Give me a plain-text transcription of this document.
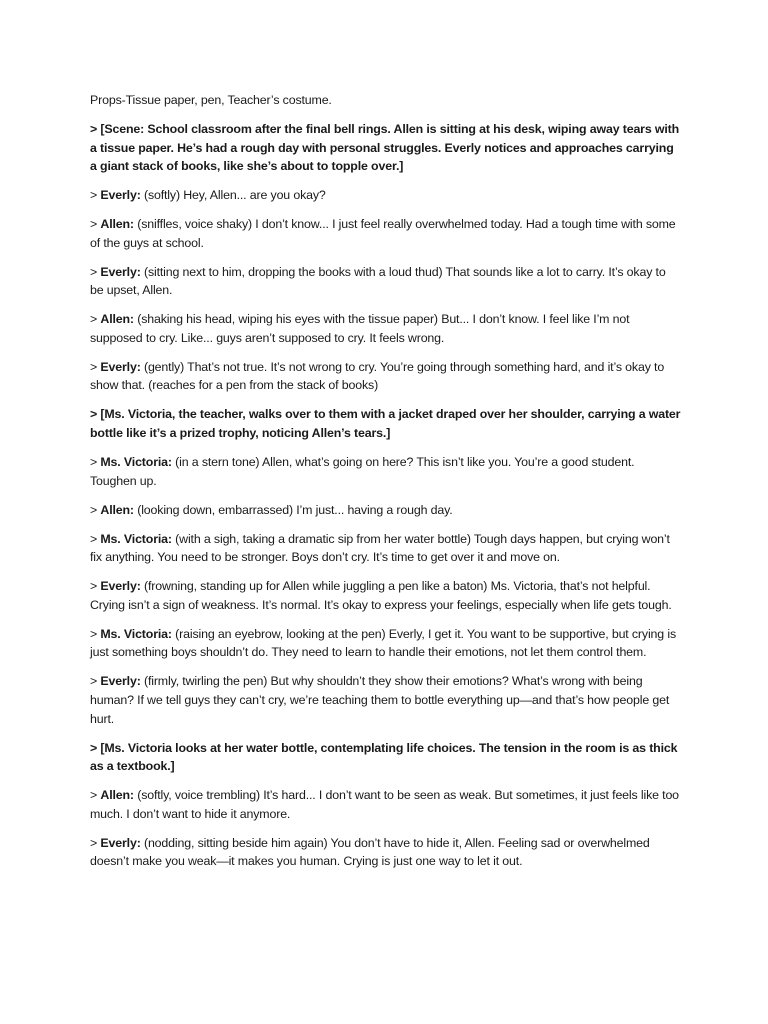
Props-Tissue paper, pen, Teacher’s costume.
> [Scene: School classroom after the final bell rings. Allen is sitting at his desk, wiping away tears with a tissue paper. He’s had a rough day with personal struggles. Everly notices and approaches carrying a giant stack of books, like she’s about to topple over.]
> Everly: (softly) Hey, Allen... are you okay?
> Allen: (sniffles, voice shaky) I don’t know... I just feel really overwhelmed today. Had a tough time with some of the guys at school.
> Everly: (sitting next to him, dropping the books with a loud thud) That sounds like a lot to carry. It’s okay to be upset, Allen.
> Allen: (shaking his head, wiping his eyes with the tissue paper) But... I don’t know. I feel like I’m not supposed to cry. Like... guys aren’t supposed to cry. It feels wrong.
> Everly: (gently) That’s not true. It’s not wrong to cry. You’re going through something hard, and it’s okay to show that. (reaches for a pen from the stack of books)
> [Ms. Victoria, the teacher, walks over to them with a jacket draped over her shoulder, carrying a water bottle like it’s a prized trophy, noticing Allen’s tears.]
> Ms. Victoria: (in a stern tone) Allen, what’s going on here? This isn’t like you. You’re a good student. Toughen up.
> Allen: (looking down, embarrassed) I’m just... having a rough day.
> Ms. Victoria: (with a sigh, taking a dramatic sip from her water bottle) Tough days happen, but crying won’t fix anything. You need to be stronger. Boys don’t cry. It’s time to get over it and move on.
> Everly: (frowning, standing up for Allen while juggling a pen like a baton) Ms. Victoria, that’s not helpful. Crying isn’t a sign of weakness. It’s normal. It’s okay to express your feelings, especially when life gets tough.
> Ms. Victoria: (raising an eyebrow, looking at the pen) Everly, I get it. You want to be supportive, but crying is just something boys shouldn’t do. They need to learn to handle their emotions, not let them control them.
> Everly: (firmly, twirling the pen) But why shouldn’t they show their emotions? What’s wrong with being human? If we tell guys they can’t cry, we’re teaching them to bottle everything up—and that’s how people get hurt.
> [Ms. Victoria looks at her water bottle, contemplating life choices. The tension in the room is as thick as a textbook.]
> Allen: (softly, voice trembling) It’s hard... I don’t want to be seen as weak. But sometimes, it just feels like too much. I don’t want to hide it anymore.
> Everly: (nodding, sitting beside him again) You don’t have to hide it, Allen. Feeling sad or overwhelmed doesn’t make you weak—it makes you human. Crying is just one way to let it out.
